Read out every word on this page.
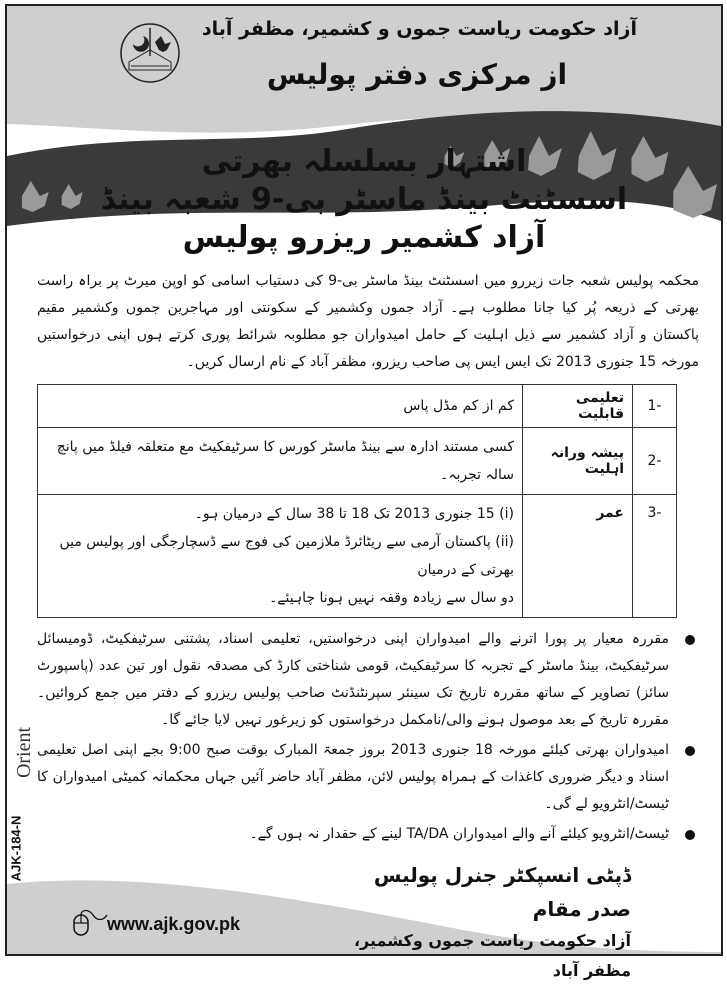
آزاد حکومت ریاست جموں و کشمیر، مظفر آباد
از مرکزی دفتر پولیس
اشتہار بسلسلہ بھرتی
اسسٹنٹ بینڈ ماسٹر بی-9 شعبہ بینڈ
آزاد کشمیر ریزرو پولیس
محکمہ پولیس شعبہ جات زیررو میں اسسٹنٹ بینڈ ماسٹر بی-9 کی دستیاب اسامی کو اوپن میرٹ پر براہ راست بھرتی کے ذریعہ پُر کیا جانا مطلوب ہے۔ آزاد جموں وکشمیر کے سکونتی اور مہاجرین جموں وکشمیر مقیم پاکستان و آزاد کشمیر سے ذیل اہلیت کے حامل امیدواران جو مطلوبہ شرائط پوری کرتے ہوں اپنی درخواستیں مورخہ 15 جنوری 2013 تک ایس ایس پی صاحب ریزرو، مظفر آباد کے نام ارسال کریں۔
-1	تعلیمی قابلیت	کم از کم مڈل پاس

-2	پیشہ ورانہ اہلیت	کسی مستند ادارہ سے بینڈ ماسٹر کورس کا سرٹیفکیٹ مع متعلقہ فیلڈ میں پانچ سالہ تجربہ۔

-3	عمر	(i) 15 جنوری 2013 تک 18 تا 38 سال کے درمیان ہو۔
(ii) پاکستان آرمی سے ریٹائرڈ ملازمین کی فوج سے ڈسچارجگی اور پولیس میں بھرتی کے درمیان
دو سال سے زیادہ وقفہ نہیں ہونا چاہیئے۔
مقررہ معیار پر پورا اترنے والے امیدواران اپنی درخواستیں، تعلیمی اسناد، پشتنی سرٹیفکیٹ، ڈومیسائل سرٹیفکیٹ، بینڈ ماسٹر کے تجربہ کا سرٹیفکیٹ، قومی شناختی کارڈ کی مصدقہ نقول اور تین عدد (پاسپورٹ سائز) تصاویر کے ساتھ مقررہ تاریخ تک سینئر سپرنٹنڈنٹ صاحب پولیس ریزرو کے دفتر میں جمع کروائیں۔ مقررہ تاریخ کے بعد موصول ہونے والی/نامکمل درخواستوں کو زیرغور نہیں لایا جائے گا۔
امیدواران بھرتی کیلئے مورخہ 18 جنوری 2013 بروز جمعۃ المبارک بوقت صبح 9:00 بجے اپنی اصل تعلیمی اسناد و دیگر ضروری کاغذات کے ہمراہ پولیس لائن، مظفر آباد حاضر آئیں جہاں محکمانہ کمیٹی امیدواران کا ٹیسٹ/انٹرویو لے گی۔
ٹیسٹ/انٹرویو کیلئے آنے والے امیدواران TA/DA لینے کے حقدار نہ ہوں گے۔
ڈپٹی انسپکٹر جنرل پولیس صدر مقام
آزاد حکومت ریاست جموں وکشمیر، مظفر آباد
www.ajk.gov.pk
Orient
AJK-184-N
